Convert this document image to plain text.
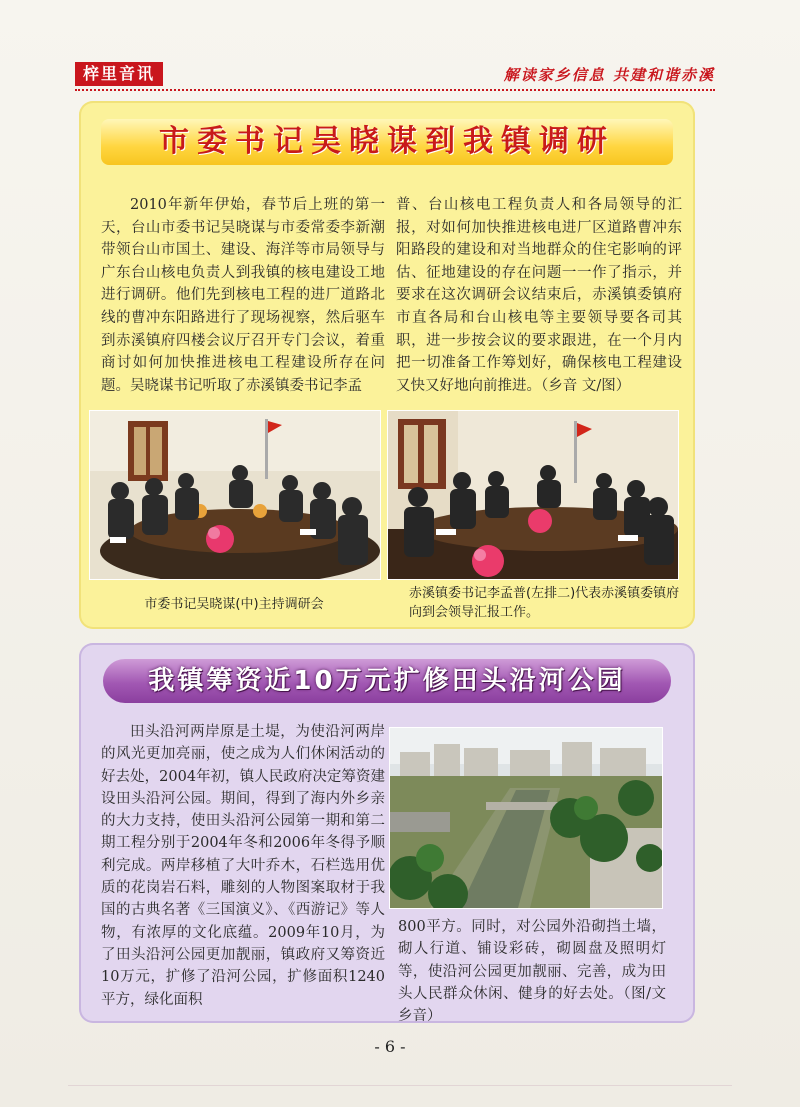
梓里音讯	解读家乡信息 共建和谐赤溪
市委书记吴晓谋到我镇调研
2010年新年伊始，春节后上班的第一天，台山市委书记吴晓谋与市委常委李新潮带领台山市国土、建设、海洋等市局领导与广东台山核电负责人到我镇的核电建设工地进行调研。他们先到核电工程的进厂道路北线的曹冲东阳路进行了现场视察，然后驱车到赤溪镇府四楼会议厅召开专门会议，着重商讨如何加快推进核电工程建设所存在问题。吴晓谋书记听取了赤溪镇委书记李孟
普、台山核电工程负责人和各局领导的汇报，对如何加快推进核电进厂区道路曹冲东阳路段的建设和对当地群众的住宅影响的评估、征地建设的存在问题一一作了指示，并要求在这次调研会议结束后，赤溪镇委镇府市直各局和台山核电等主要领导要各司其职，进一步按会议的要求跟进，在一个月内把一切准备工作筹划好，确保核电工程建设又快又好地向前推进。（乡音 文/图）
市委书记吴晓谋(中)主持调研会
赤溪镇委书记李孟普(左排二)代表赤溪镇委镇府向到会领导汇报工作。
我镇筹资近10万元扩修田头沿河公园
田头沿河两岸原是土堤，为使沿河两岸的风光更加亮丽，使之成为人们休闲活动的好去处，2004年初，镇人民政府决定筹资建设田头沿河公园。期间，得到了海内外乡亲的大力支持，使田头沿河公园第一期和第二期工程分别于2004年冬和2006年冬得予顺利完成。两岸移植了大叶乔木，石栏选用优质的花岗岩石料，雕刻的人物图案取材于我国的古典名著《三国演义》、《西游记》等人物，有浓厚的文化底蕴。2009年10月，为了田头沿河公园更加靓丽，镇政府又筹资近10万元，扩修了沿河公园，扩修面积1240平方，绿化面积
800平方。同时，对公园外沿砌挡土墙，砌人行道、铺设彩砖，砌圆盘及照明灯等，使沿河公园更加靓丽、完善，成为田头人民群众休闲、健身的好去处。（图/文 乡音）
- 6 -
